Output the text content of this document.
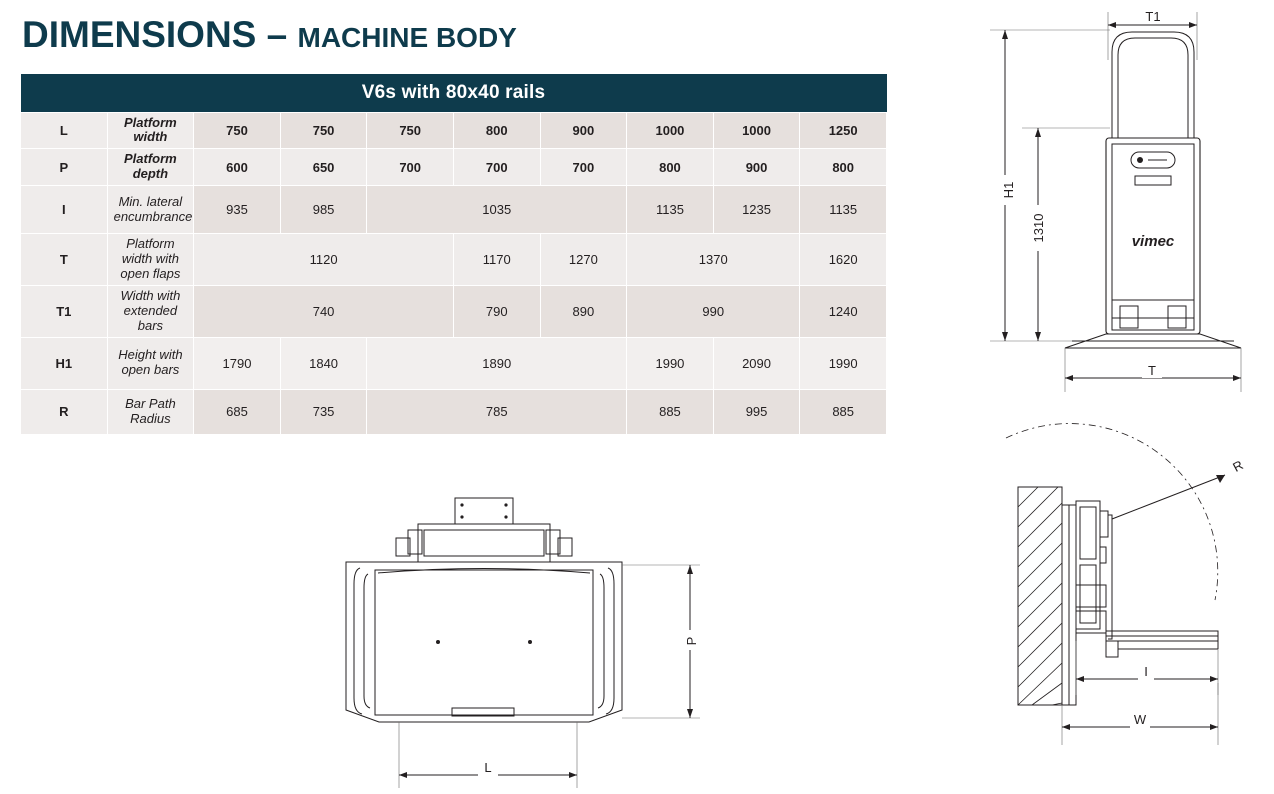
DIMENSIONS – MACHINE BODY
V6s with 80x40 rails									
L	Platform width	750	750	750	800	900	1000	1000	1250
P	Platform depth	600	650	700	700	700	800	900	800
I	Min. lateral encumbrance	935	985	1035			1135	1235	1135
T	Platform width with open flaps	1120			1170	1270	1370		1620
T1	Width with extended bars	740			790	890	990		1240
H1	Height with open bars	1790	1840	1890			1990	2090	1990
R	Bar Path Radius	685	735	785			885	995	885
T1
H1
1310	vimec
T
P
L
R
I
W
